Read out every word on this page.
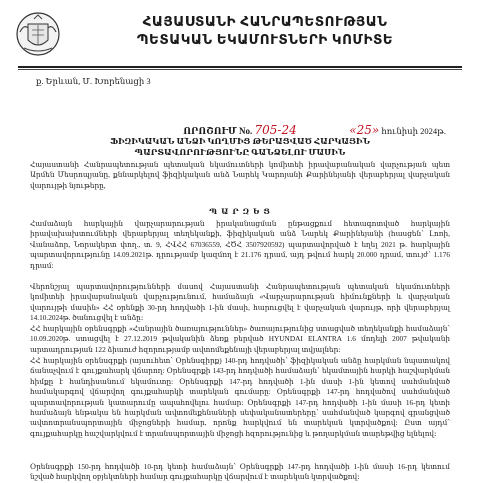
ՀԱՅԱՍՏԱՆԻ ՀԱՆՐԱՊԵՏՈՒԹՅԱՆ
ՊԵՏԱԿԱՆ ԵԿԱՄՈՒՏՆԵՐԻ ԿՈՄԻՏԵ
ք. Երևան, Մ. Խորենացի 3
ՈՐՈՇՈՒՄ No. 705-24	«25» հունիսի 2024թ.
ՖԻԶԻԿԱԿԱՆ ԱՆՁԻ ԿՈՂՄԻՑ ԹԵՐԱՑՎԱԾ ՀԱՐԿԱՅԻՆ
ՊԱՐՏԱՎՈՐՈՒԹՅՈՒՆԸ ԳԱՆՁԵԼՈՒ ՄԱՍԻՆ
Հայաստանի Հանրապետության պետական եկամուտների կոմիտեի իրավաբանական վարչության պետ Արմեն Մեսրոպյանը, քննարկելով ֆիզիկական անձ Նարեկ Կարոյանի Քարինեյանի վերաբերյալ վարչական վարույթի նյութերը,
Պ Ա Ր Զ Ե Ց
Համաձայն հարկային վարչարարության իրականացման ընթացքում հետագոտված հարկային իրավախախտումների վերաբերյալ տեղեկանքի, ֆիզիկական անձ Նարեկ Քարինեյանի (հասցեն՝ Լոռի, Վանաձոր, Նորակերտ փող., տ. 9, ՀՎՀՀ 67036559, ՀԾՀ 3507920592) պարտավորված է եղել 2021 թ. հարկային պարտավորությունը 14.09.2021թ. դրությամբ կազմող է 21.176 դրամ, այդ թվում հարկ 20.000 դրամ, տույժ՝ 1.176 դրամ:
Վերոնշյալ պարտավորությունների մասով Հայաստանի Հանրապետության պետական եկամուտների կոմիտեի իրավաբանական վարչությունում, համաձայն «Վարչարարության հիմունքների և վարչական վարույթի մասին» ՀՀ օրենքի 30-րդ հոդվածի 1-ին մասի, հարուցվել է վարչական վարույթ, որի վերաբերյալ 14.10.2024թ. ծանուցվել է անձը։
ՀՀ հարկային օրենսգրքի «Հանրային ծառայություններ» ծառայությունից ստացված տեղեկանքի համաձայն՝ 10.09.2020թ. ստացվել է 27.12.2019 թվականին ձեռք բերված HYUNDAI ELANTRA 1.6 մոդելի 2007 թվականի արտադրության 122 ձիաուժ հզորությամբ ավտոմեքենայի վերաբերյալ տվյալներ:
ՀՀ հարկային օրենսգրքի (այսուհետ՝ Օրենսգիրք) 140-րդ հոդվածի՝ ֆիզիկական անձը հարկման նպատակով ճանաչվում է գույքահարկ վճարող: Օրենսգրքի 143-րդ հոդվածի համաձայն՝ եկամտային հարկի հաշվարկման հիմքը է հանդիսանում եկամուտը: Օրենսգրքի 147-րդ հոդվածի 1-ին մասի 1-ին կետով սահմանված համակարգով վճարվող գույքահարկի տարեկան գումարը: Օրենսգրքի 147-րդ հոդվածով սահմանված պարտավորության կատարումը ապահովելու համար: Օրենսգրքի 147-րդ հոդվածի 1-ին մասի 16-րդ կետի համաձայն ենթակա են հարկման ավտոմեքենաների սեփականատերերը՝ սահմանված կարգով գրանցված ավտոտրանսպորտային միջոցների համար, որոնք հարկվում են տարեկան կտրվածքով։ Ըստ այդմ՝ գույքահարկը հաշվարկվում է տրանսպորտային միջոցի հզորությունից և թողարկման տարեթվից ելնելով։
Օրենսգրքի 150-րդ հոդվածի 10-րդ կետի համաձայն՝ Օրենսգրքի 147-րդ հոդվածի 1-ին մասի 16-րդ կետում նշված հարկվող օբյեկտների համար գույքահարկը վճարվում է տարեկան կտրվածքով։
